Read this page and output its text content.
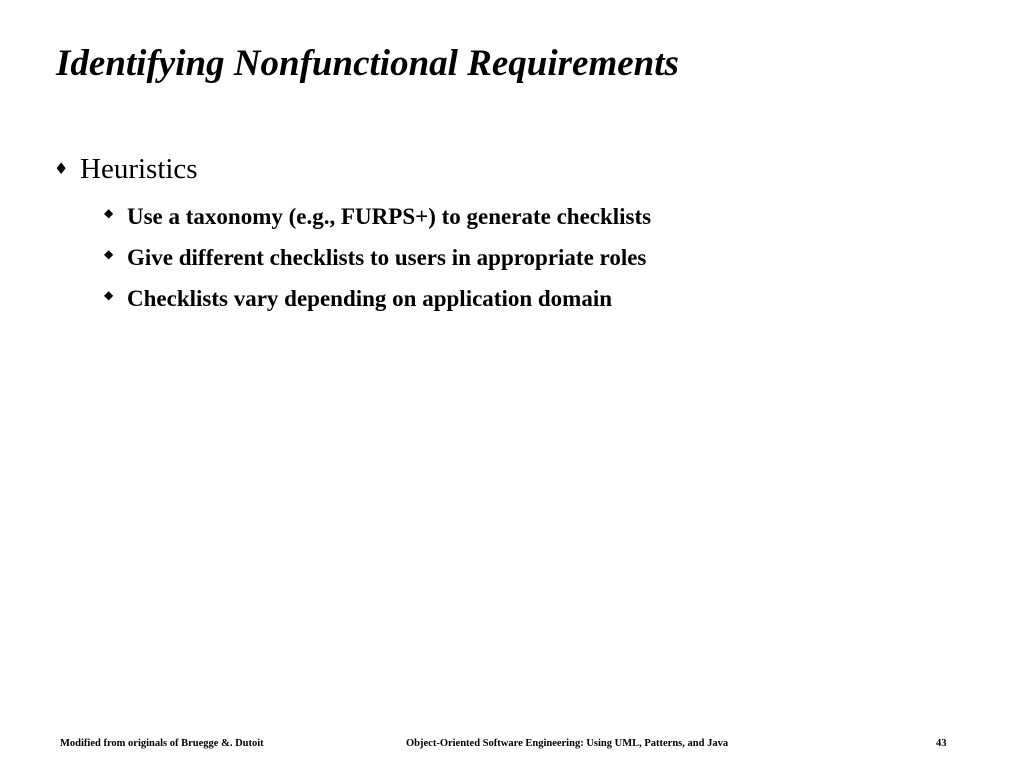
Identifying Nonfunctional Requirements
♦ Heuristics
◆ Use a taxonomy (e.g., FURPS+) to generate checklists
◆ Give different checklists to users in appropriate roles
◆ Checklists vary depending on application domain
Modified from originals of Bruegge &. Dutoit	Object-Oriented Software Engineering: Using UML, Patterns, and Java	43
